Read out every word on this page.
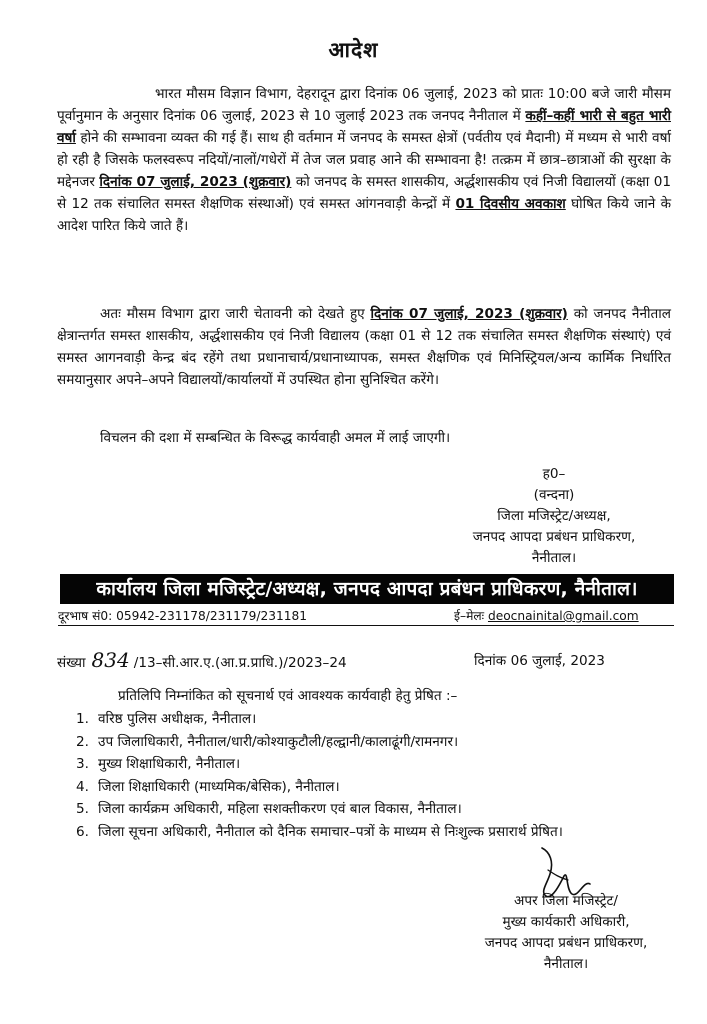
आदेश

भारत मौसम विज्ञान विभाग, देहरादून द्वारा दिनांक 06 जुलाई, 2023 को प्रातः 10:00 बजे जारी मौसम पूर्वानुमान के अनुसार दिनांक 06 जुलाई, 2023 से 10 जुलाई 2023 तक जनपद नैनीताल में कहीं–कहीं भारी से बहुत भारी वर्षा होने की सम्भावना व्यक्त की गई हैं। साथ ही वर्तमान में जनपद के समस्त क्षेत्रों (पर्वतीय एवं मैदानी) में मध्यम से भारी वर्षा हो रही है जिसके फलस्वरूप नदियों/नालों/गधेरों में तेज जल प्रवाह आने की सम्भावना है! तत्क्रम में छात्र–छात्राओं की सुरक्षा के मद्देनजर दिनांक 07 जुलाई, 2023 (शुक्रवार) को जनपद के समस्त शासकीय, अर्द्धशासकीय एवं निजी विद्यालयों (कक्षा 01 से 12 तक संचालित समस्त शैक्षणिक संस्थाओं) एवं समस्त आंगनवाड़ी केन्द्रों में 01 दिवसीय अवकाश घोषित किये जाने के आदेश पारित किये जाते हैं।

अतः मौसम विभाग द्वारा जारी चेतावनी को देखते हुए दिनांक 07 जुलाई, 2023 (शुक्रवार) को जनपद नैनीताल क्षेत्रान्तर्गत समस्त शासकीय, अर्द्धशासकीय एवं निजी विद्यालय (कक्षा 01 से 12 तक संचालित समस्त शैक्षणिक संस्थाएं) एवं समस्त आगनवाड़ी केन्द्र बंद रहेंगे तथा प्रधानाचार्य/प्रधानाध्यापक, समस्त शैक्षणिक एवं मिनिस्ट्रियल/अन्य कार्मिक निर्धारित समयानुसार अपने–अपने विद्यालयों/कार्यालयों में उपस्थित होना सुनिश्चित करेंगे।

विचलन की दशा में सम्बन्धित के विरूद्ध कार्यवाही अमल में लाई जाएगी।

ह0–
(वन्दना)
जिला मजिस्ट्रेट/अध्यक्ष,
जनपद आपदा प्रबंधन प्राधिकरण,
नैनीताल।
कार्यालय जिला मजिस्ट्रेट/अध्यक्ष, जनपद आपदा प्रबंधन प्राधिकरण, नैनीताल।
दूरभाष सं0: 05942-231178/231179/231181	ई–मेलः deocnainital@gmail.com
संख्या 834 /13–सी.आर.ए.(आ.प्र.प्राधि.)/2023–24	दिनांक 06 जुलाई, 2023
प्रतिलिपि निम्नांकित को सूचनार्थ एवं आवश्यक कार्यवाही हेतु प्रेषित :–
1. वरिष्ठ पुलिस अधीक्षक, नैनीताल।
2. उप जिलाधिकारी, नैनीताल/धारी/कोश्याकुटौली/हल्द्वानी/कालाढूंगी/रामनगर।
3. मुख्य शिक्षाधिकारी, नैनीताल।
4. जिला शिक्षाधिकारी (माध्यमिक/बेसिक), नैनीताल।
5. जिला कार्यक्रम अधिकारी, महिला सशक्तीकरण एवं बाल विकास, नैनीताल।
6. जिला सूचना अधिकारी, नैनीताल को दैनिक समाचार–पत्रों के माध्यम से निःशुल्क प्रसारार्थ प्रेषित।
अपर जिला मजिस्ट्रेट/
मुख्य कार्यकारी अधिकारी,
जनपद आपदा प्रबंधन प्राधिकरण,
नैनीताल।
